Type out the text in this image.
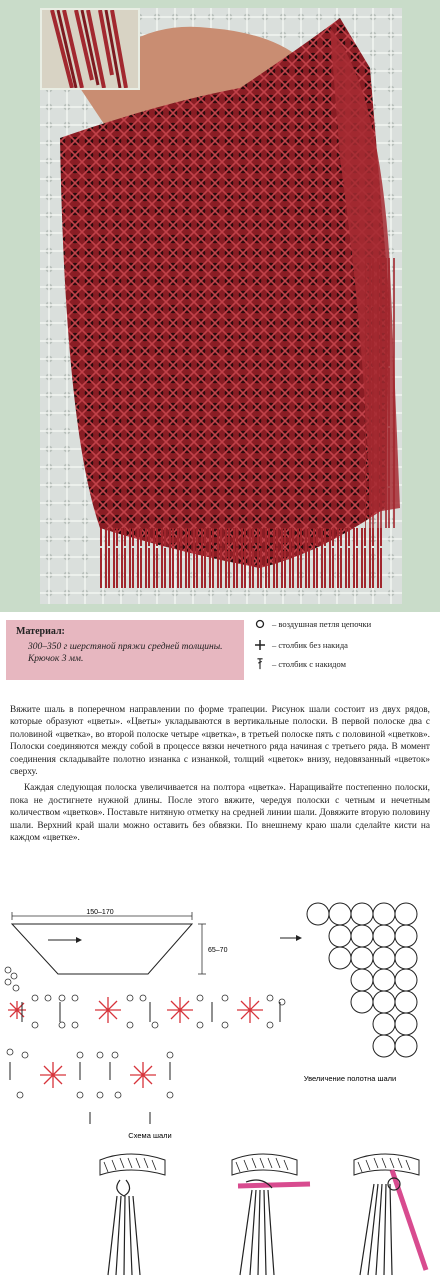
Материал:
300–350 г шерстяной пряжи средней толщины. Крючок 3 мм.
– воздушная петля цепочки
– столбик без накида
– столбик с накидом

Вяжите шаль в поперечном направлении по форме трапеции. Рисунок шали состоит из двух рядов, которые образуют «цветы». «Цветы» укладываются в вертикальные полоски. В первой полоске два с половиной «цветка», во второй полоске четыре «цветка», в третьей полоске пять с половиной «цветков». Полоски соединяются между собой в процессе вязки нечетного ряда начиная с третьего ряда. В момент соединения складывайте полотно изнанка с изнанкой, толщий «цветок» внизу, недовязанный «цветок» сверху.

Каждая следующая полоска увеличивается на полтора «цветка». Наращивайте постепенно полоски, пока не достигнете нужной длины. После этого вяжите, чередуя полоски с четным и нечетным количеством «цветков». Поставьте нитяную отметку на средней линии шали. Довяжите вторую половину шали. Верхний край шали можно оставить без обвязки. По внешнему краю шали сделайте кисти на каждом «цветке».

150–170
65–70
Увеличение полотна шали
Схема шали
